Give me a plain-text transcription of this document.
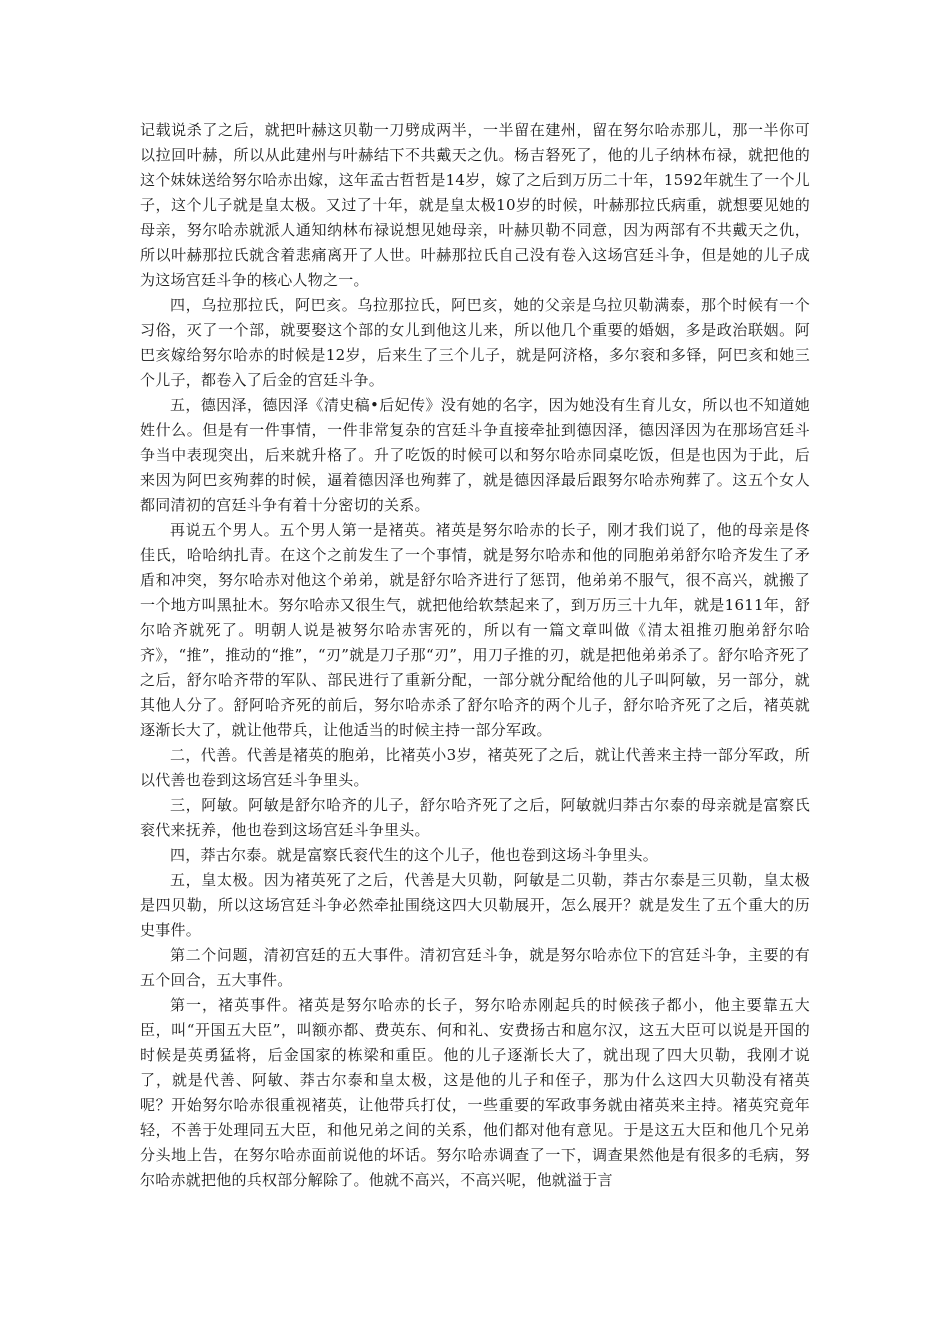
记载说杀了之后，就把叶赫这贝勒一刀劈成两半，一半留在建州，留在努尔哈赤那儿，那一半你可以拉回叶赫，所以从此建州与叶赫结下不共戴天之仇。杨吉砮死了，他的儿子纳林布禄，就把他的这个妹妹送给努尔哈赤出嫁，这年孟古哲哲是14岁，嫁了之后到万历二十年，1592年就生了一个儿子，这个儿子就是皇太极。又过了十年，就是皇太极10岁的时候，叶赫那拉氏病重，就想要见她的母亲，努尔哈赤就派人通知纳林布禄说想见她母亲，叶赫贝勒不同意，因为两部有不共戴天之仇，所以叶赫那拉氏就含着悲痛离开了人世。叶赫那拉氏自己没有卷入这场宫廷斗争，但是她的儿子成为这场宫廷斗争的核心人物之一。

四，乌拉那拉氏，阿巴亥。乌拉那拉氏，阿巴亥，她的父亲是乌拉贝勒满泰，那个时候有一个习俗，灭了一个部，就要娶这个部的女儿到他这儿来，所以他几个重要的婚姻，多是政治联姻。阿巴亥嫁给努尔哈赤的时候是12岁，后来生了三个儿子，就是阿济格，多尔衮和多铎，阿巴亥和她三个儿子，都卷入了后金的宫廷斗争。

五，德因泽，德因泽《清史稿•后妃传》没有她的名字，因为她没有生育儿女，所以也不知道她姓什么。但是有一件事情，一件非常复杂的宫廷斗争直接牵扯到德因泽，德因泽因为在那场宫廷斗争当中表现突出，后来就升格了。升了吃饭的时候可以和努尔哈赤同桌吃饭，但是也因为于此，后来因为阿巴亥殉葬的时候，逼着德因泽也殉葬了，就是德因泽最后跟努尔哈赤殉葬了。这五个女人都同清初的宫廷斗争有着十分密切的关系。

再说五个男人。五个男人第一是褚英。褚英是努尔哈赤的长子，刚才我们说了，他的母亲是佟佳氏，哈哈纳扎青。在这个之前发生了一个事情，就是努尔哈赤和他的同胞弟弟舒尔哈齐发生了矛盾和冲突，努尔哈赤对他这个弟弟，就是舒尔哈齐进行了惩罚，他弟弟不服气，很不高兴，就搬了一个地方叫黑扯木。努尔哈赤又很生气，就把他给软禁起来了，到万历三十九年，就是1611年，舒尔哈齐就死了。明朝人说是被努尔哈赤害死的，所以有一篇文章叫做《清太祖推刃胞弟舒尔哈齐》，“推”，推动的“推”，“刃”就是刀子那“刃”，用刀子推的刃，就是把他弟弟杀了。舒尔哈齐死了之后，舒尔哈齐带的军队、部民进行了重新分配，一部分就分配给他的儿子叫阿敏，另一部分，就其他人分了。舒阿哈齐死的前后，努尔哈赤杀了舒尔哈齐的两个儿子，舒尔哈齐死了之后，褚英就逐渐长大了，就让他带兵，让他适当的时候主持一部分军政。

二，代善。代善是褚英的胞弟，比褚英小3岁，褚英死了之后，就让代善来主持一部分军政，所以代善也卷到这场宫廷斗争里头。

三，阿敏。阿敏是舒尔哈齐的儿子，舒尔哈齐死了之后，阿敏就归莽古尔泰的母亲就是富察氏衮代来抚养，他也卷到这场宫廷斗争里头。

四，莽古尔泰。就是富察氏衮代生的这个儿子，他也卷到这场斗争里头。

五，皇太极。因为褚英死了之后，代善是大贝勒，阿敏是二贝勒，莽古尔泰是三贝勒，皇太极是四贝勒，所以这场宫廷斗争必然牵扯围绕这四大贝勒展开，怎么展开？就是发生了五个重大的历史事件。

第二个问题，清初宫廷的五大事件。清初宫廷斗争，就是努尔哈赤位下的宫廷斗争，主要的有五个回合，五大事件。

第一，褚英事件。褚英是努尔哈赤的长子，努尔哈赤刚起兵的时候孩子都小，他主要靠五大臣，叫“开国五大臣”，叫额亦都、费英东、何和礼、安费扬古和扈尔汉，这五大臣可以说是开国的时候是英勇猛将，后金国家的栋梁和重臣。他的儿子逐渐长大了，就出现了四大贝勒，我刚才说了，就是代善、阿敏、莽古尔泰和皇太极，这是他的儿子和侄子，那为什么这四大贝勒没有褚英呢？开始努尔哈赤很重视褚英，让他带兵打仗，一些重要的军政事务就由褚英来主持。褚英究竟年轻，不善于处理同五大臣，和他兄弟之间的关系，他们都对他有意见。于是这五大臣和他几个兄弟分头地上告，在努尔哈赤面前说他的坏话。努尔哈赤调查了一下，调查果然他是有很多的毛病，努尔哈赤就把他的兵权部分解除了。他就不高兴，不高兴呢，他就溢于言
